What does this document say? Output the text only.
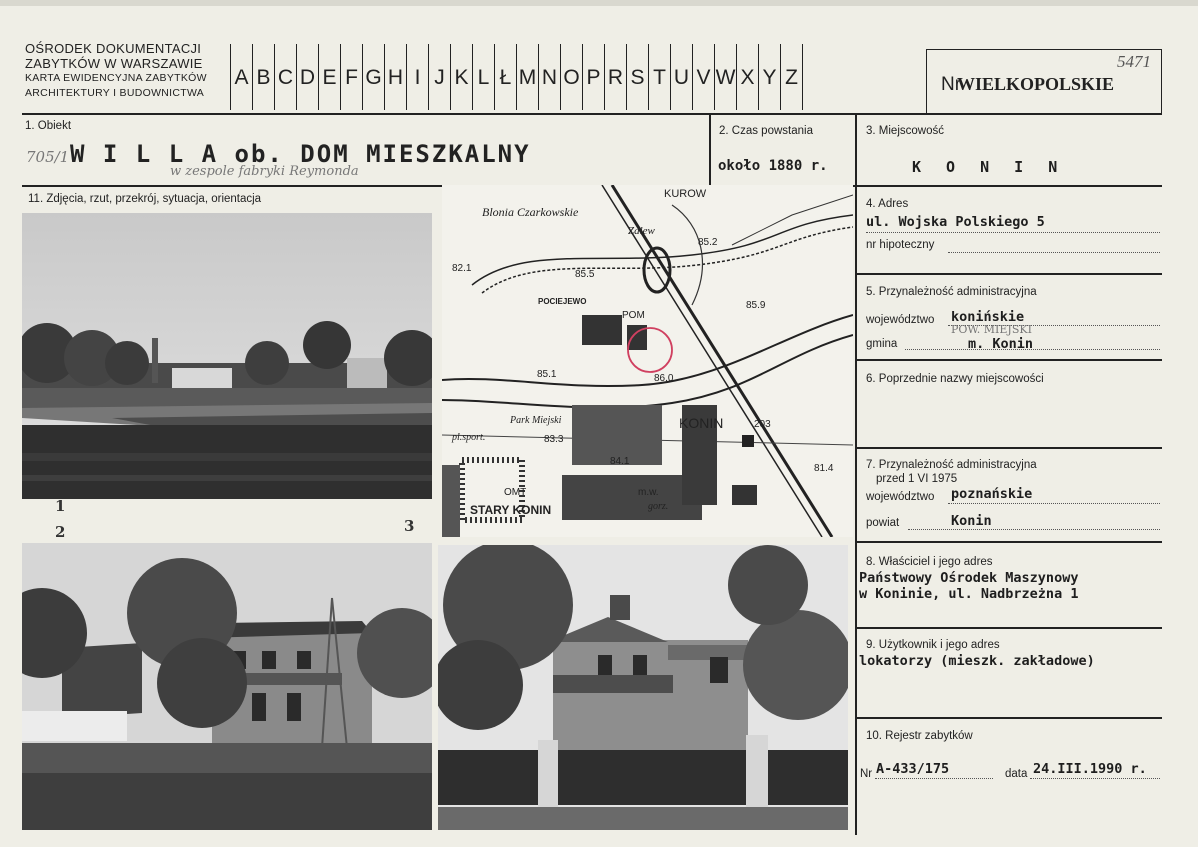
OŚRODEK DOKUMENTACJI
ZABYTKÓW W WARSZAWIE
KARTA EWIDENCYJNA ZABYTKÓW
ARCHITEKTURY I BUDOWNICTWA
A B C D E F G H I J K L Ł M N O P R S T U V W X Y Z	Nr
WIELKOPOLSKIE
5471
1. Obiekt
705/1 W I L L A ob. DOM MIESZKALNY
w zespole fabryki Reymonda
2. Czas powstania
około 1880 r.
3. Miejscowość
K O N I N
11. Zdjęcia, rzut, przekrój, sytuacja, orientacja	4. Adres
ul. Wojska Polskiego 5
nr hipoteczny
5. Przynależność administracyjna
województwo konińskie
POW. MIEJSKI
gmina	m. Konin
6. Poprzednie nazwy miejscowości
7. Przynależność administracyjna
przed 1 VI 1975
województwo poznańskie
powiat	Konin
8. Właściciel i jego adres
Państwowy Ośrodek Maszynowy
w Koninie, ul. Nadbrzeżna 1
9. Użytkownik i jego adres
lokatorzy (mieszk. zakładowe)
10. Rejestr zabytków
Nr A-433/175	data 24.III.1990 r.
Blonia Czarkowskie
KUROW
Zalew
85.2
82.1
85.5
POCIEJEWO
POM
85.9
85.1	86.0
Park Miejski	KONIN	203
pl.sport.	83.3
84.1
81.4
OMT	m.w.
STARY KONIN	gorz.
1
2	3
